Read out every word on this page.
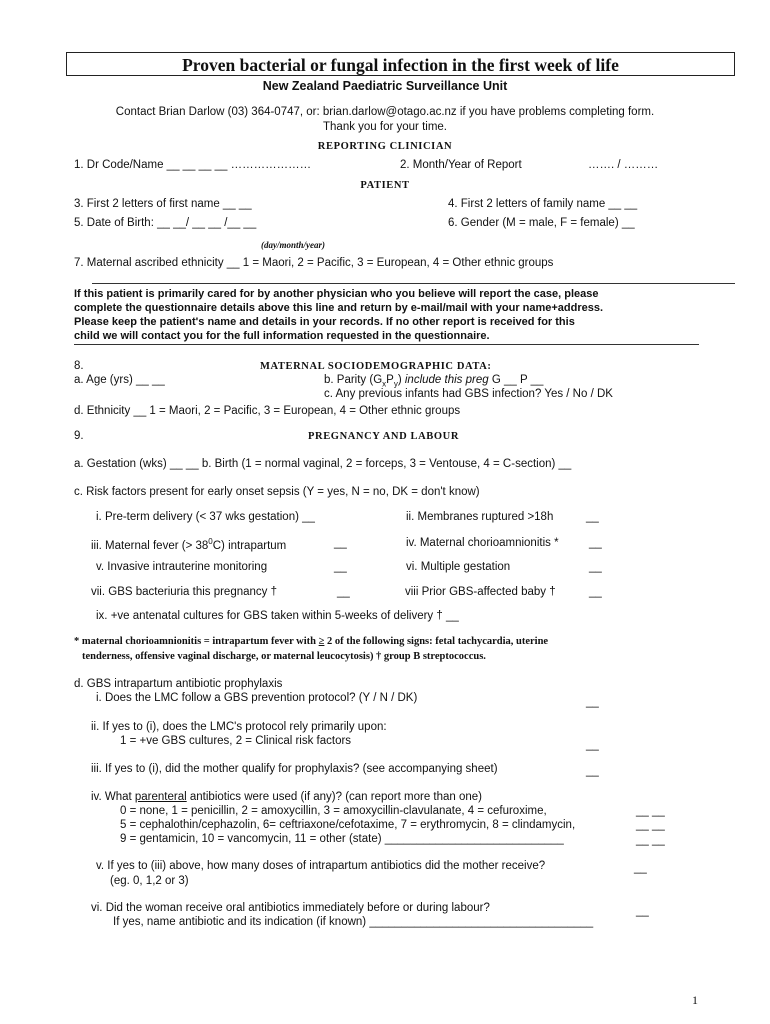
Proven bacterial or fungal infection in the first week of life
New Zealand Paediatric Surveillance Unit
Contact Brian Darlow (03) 364-0747, or: brian.darlow@otago.ac.nz if you have problems completing form.
Thank you for your time.
REPORTING CLINICIAN
1. Dr Code/Name __ __ __ __ …………………	2. Month/Year of Report	……. / ………
PATIENT
3. First 2 letters of first name __ __	4. First 2 letters of family name __ __
5. Date of Birth: __ __/ __ __ /__ __	6. Gender (M = male, F = female) __
(day/month/year)
7. Maternal ascribed ethnicity __ 1 = Maori, 2 = Pacific, 3 = European, 4 = Other ethnic groups
If this patient is primarily cared for by another physician who you believe will report the case, please
complete the questionnaire details above this line and return by e-mail/mail with your name+address.
Please keep the patient's name and details in your records. If no other report is received for this
child we will contact you for the full information requested in the questionnaire.
8.	MATERNAL SOCIODEMOGRAPHIC DATA:
a. Age (yrs) __ __	b. Parity $(G_xP_y)$ include this preg G __ P __
c. Any previous infants had GBS infection? Yes / No / DK
d. Ethnicity __ 1 = Maori, 2 = Pacific, 3 = European, 4 = Other ethnic groups
9.	PREGNANCY AND LABOUR
a. Gestation (wks) __ __ b. Birth (1 = normal vaginal, 2 = forceps, 3 = Ventouse, 4 = C-section) __
c. Risk factors present for early onset sepsis (Y = yes, N = no, DK = don't know)
i. Pre-term delivery (< 37 wks gestation) __	ii. Membranes ruptured >18h	__
iii. Maternal fever (> $38^0C$) intrapartum	__	iv. Maternal chorioamnionitis *	__
v. Invasive intrauterine monitoring	__	vi. Multiple gestation	__
vii. GBS bacteriuria this pregnancy †	__	viii Prior GBS-affected baby †	__
ix. +ve antenatal cultures for GBS taken within 5-weeks of delivery † __
* maternal chorioamnionitis = intrapartum fever with ≥ 2 of the following signs: fetal tachycardia, uterine
tenderness, offensive vaginal discharge, or maternal leucocytosis) † group B streptococcus.
d. GBS intrapartum antibiotic prophylaxis
i. Does the LMC follow a GBS prevention protocol? (Y / N / DK)	__
ii. If yes to (i), does the LMC's protocol rely primarily upon:
1 = +ve GBS cultures, 2 = Clinical risk factors	__
iii. If yes to (i), did the mother qualify for prophylaxis? (see accompanying sheet)	__
iv. What parenteral antibiotics were used (if any)? (can report more than one)
0 = none, 1 = penicillin, 2 = amoxycillin, 3 = amoxycillin-clavulanate, 4 = cefuroxime,	__ __
5 = cephalothin/cephazolin, 6= ceftriaxone/cefotaxime, 7 = erythromycin, 8 = clindamycin,	__ __
9 = gentamicin, 10 = vancomycin, 11 = other (state) ____________________________	__ __
v. If yes to (iii) above, how many doses of intrapartum antibiotics did the mother receive?
(eg. 0, 1,2 or 3)
__
vi. Did the woman receive oral antibiotics immediately before or during labour?	__
If yes, name antibiotic and its indication (if known) ___________________________________
1
